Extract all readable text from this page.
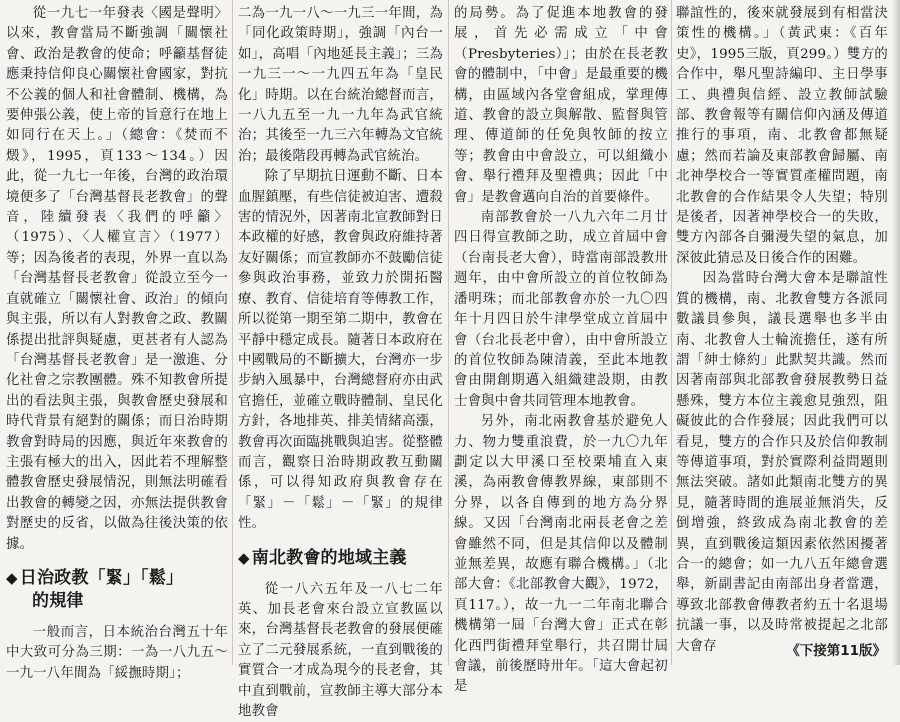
從一九七一年發表〈國是聲明〉以來，教會當局不斷強調「關懷社會、政治是教會的使命；呼籲基督徒應秉持信仰良心關懷社會國家，對抗不公義的個人和社會體制、機構，為要伸張公義，使上帝的旨意行在地上如同行在天上。」（總會：《焚而不燬》，1995，頁133～134。）因此，從一九七一年後，台灣的政治環境便多了「台灣基督長老教會」的聲音，陸續發表〈我們的呼籲〉（1975）、〈人權宣言〉（1977）等；因為後者的表現，外界一直以為「台灣基督長老教會」從設立至今一直就確立「關懷社會、政治」的傾向與主張，所以有人對教會之政、教關係提出批評與疑慮，更甚者有人認為「台灣基督長老教會」是一激進、分化社會之宗教團體。殊不知教會所提出的看法與主張，與教會歷史發展和時代背景有絕對的關係；而日治時期教會對時局的因應，與近年來教會的主張有極大的出入，因此若不理解整體教會歷史發展情況，則無法明確看出教會的轉變之因，亦無法提供教會對歷史的反省，以做為往後決策的依據。

◆ 日治政教「緊」「鬆」
的規律

一般而言，日本統治台灣五十年中大致可分為三期：一為一八九五～一九一八年間為「綏撫時期」；

二為一九一八～一九三一年間，為「同化政策時期」，強調「內台一如」，高唱「內地延長主義」；三為一九三一～一九四五年為「皇民化」時期。以在台統治總督而言，一八九五至一九一九年為武官統治；其後至一九三六年轉為文官統治；最後階段再轉為武官統治。

除了早期抗日運動不斷、日本血腥鎮壓，有些信徒被迫害、遭殺害的情況外，因著南北宣教師對日本政權的好感，教會與政府維持著友好關係；而宣教師亦不鼓勵信徒參與政治事務，並致力於開拓醫療、教育、信徒培育等傳教工作，所以從第一期至第二期中，教會在平靜中穩定成長。隨著日本政府在中國戰局的不斷擴大，台灣亦一步步納入風暴中，台灣總督府亦由武官擔任，並確立戰時體制、皇民化方針，各地排英、排美情緒高漲，教會再次面臨挑戰與迫害。從整體而言，觀察日治時期政教互動關係，可以得知政府與教會存在「緊」－「鬆」－「緊」的規律性。

◆ 南北教會的地域主義

從一八六五年及一八七二年英、加長老會來台設立宣教區以來，台灣基督長老教會的發展便確立了二元發展系統，一直到戰後的實質合一才成為現今的長老會，其中直到戰前，宣教師主導大部分本地教會

的局勢。為了促進本地教會的發展，首先必需成立「中會（Presbyteries）」；由於在長老教會的體制中，「中會」是最重要的機構，由區域內各堂會組成，掌理傳道、教會的設立與解散、監督與管理、傳道師的任免與牧師的按立等；教會由中會設立，可以組織小會、舉行禮拜及聖禮典；因此「中會」是教會邁向自治的首要條件。

南部教會於一八九六年二月廿四日得宣教師之助，成立首屆中會（台南長老大會），時當南部設教卅週年，由中會所設立的首位牧師為潘明珠；而北部教會亦於一九〇四年十月四日於牛津學堂成立首屆中會（台北長老中會），由中會所設立的首位牧師為陳清義，至此本地教會由開創期邁入組織建設期，由教士會與中會共同管理本地教會。

另外，南北兩教會基於避免人力、物力雙重浪費，於一九〇九年劃定以大甲溪口至校栗埔直入東溪，為兩教會傳教界線，東部則不分界，以各自傳到的地方為分界線。又因「台灣南北兩長老會之差會雖然不同，但是其信仰以及體制並無差異，故應有聯合機構。」（北部大會：《北部教會大觀》，1972，頁117。），故一九一二年南北聯合機構第一屆「台灣大會」正式在彰化西門街禮拜堂舉行，共召開廿屆會議，前後歷時卅年。「這大會起初是

聯誼性的，後來就發展到有相當決策性的機構。」（黃武東：《百年史》，1995三版，頁299。）雙方的合作中，舉凡聖詩編印、主日學事工、典禮與信經、設立教師試驗部、教會報等有關信仰內涵及傳道推行的事項，南、北教會都無疑慮；然而若論及東部教會歸屬、南北神學校合一等實質產權問題，南北教會的合作結果令人失望；特別是後者，因著神學校合一的失敗，雙方內部各自彌漫失望的氣息，加深彼此猜忌及日後合作的困難。

因為當時台灣大會本是聯誼性質的機構，南、北教會雙方各派同數議員參與，議長選舉也多半由南、北教會人士輪流擔任，遂有所謂「紳士條約」此默契共識。然而因著南部與北部教會發展教勢日益懸殊，雙方本位主義愈見強烈，阻礙彼此的合作發展；因此我們可以看見，雙方的合作只及於信仰教制等傳道事項，對於實際利益問題則無法突破。諸如此類南北雙方的異見，隨著時間的進展並無消失，反倒增強，終致成為南北教會的差異，直到戰後這類因素依然困擾著合一的總會；如一九八五年總會選舉，新副書記由南部出身者當選，導致北部教會傳教者約五十名退場抗議一事，以及時常被提起之北部大會存	《下接第11版》
